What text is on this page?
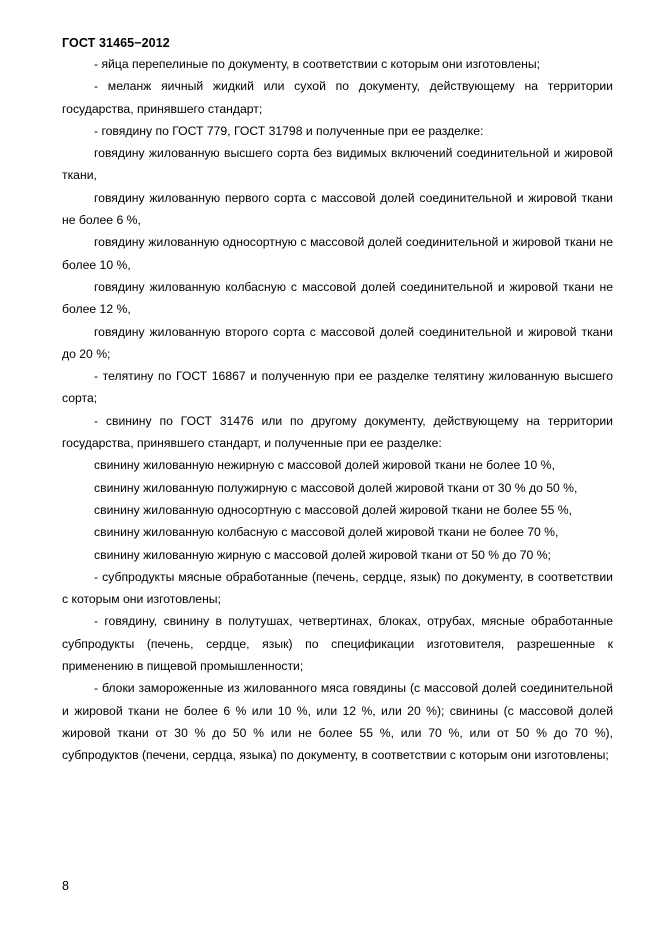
ГОСТ 31465−2012

- яйца перепелиные по документу, в соответствии с которым они изготовлены;

- меланж яичный жидкий или сухой по документу, действующему на территории государства, принявшего стандарт;

- говядину по ГОСТ 779, ГОСТ 31798 и полученные при ее разделке:

говядину жилованную высшего сорта без видимых включений соединительной и жировой ткани,

говядину жилованную первого сорта с массовой долей соединительной и жировой ткани не более 6 %,

говядину жилованную односортную с массовой долей соединительной и жировой ткани не более 10 %,

говядину жилованную колбасную с массовой долей соединительной и жировой ткани не более 12 %,

говядину жилованную второго сорта с массовой долей соединительной и жировой ткани до 20 %;

- телятину по ГОСТ 16867 и полученную при ее разделке телятину жилованную высшего сорта;

- свинину по ГОСТ 31476 или по другому документу, действующему на территории государства, принявшего стандарт, и полученные при ее разделке:

свинину жилованную нежирную с массовой долей жировой ткани не более 10 %,

свинину жилованную полужирную с массовой долей жировой ткани от 30 % до 50 %,

свинину жилованную односортную с массовой долей жировой ткани не более 55 %,

свинину жилованную колбасную с массовой долей жировой ткани не более 70 %,

свинину жилованную жирную с массовой долей жировой ткани от 50 % до 70 %;

- субпродукты мясные обработанные (печень, сердце, язык) по документу, в соответствии с которым они изготовлены;

- говядину, свинину в полутушах, четвертинах, блоках, отрубах, мясные обработанные субпродукты (печень, сердце, язык) по спецификации изготовителя, разрешенные к применению в пищевой промышленности;

- блоки замороженные из жилованного мяса говядины (с массовой долей соединительной и жировой ткани не более 6 % или 10 %, или 12 %, или 20 %); свинины (с массовой долей жировой ткани от 30 % до 50 % или не более 55 %, или 70 %, или от 50 % до 70 %), субпродуктов (печени, сердца, языка) по документу, в соответствии с которым они изготовлены;

8
